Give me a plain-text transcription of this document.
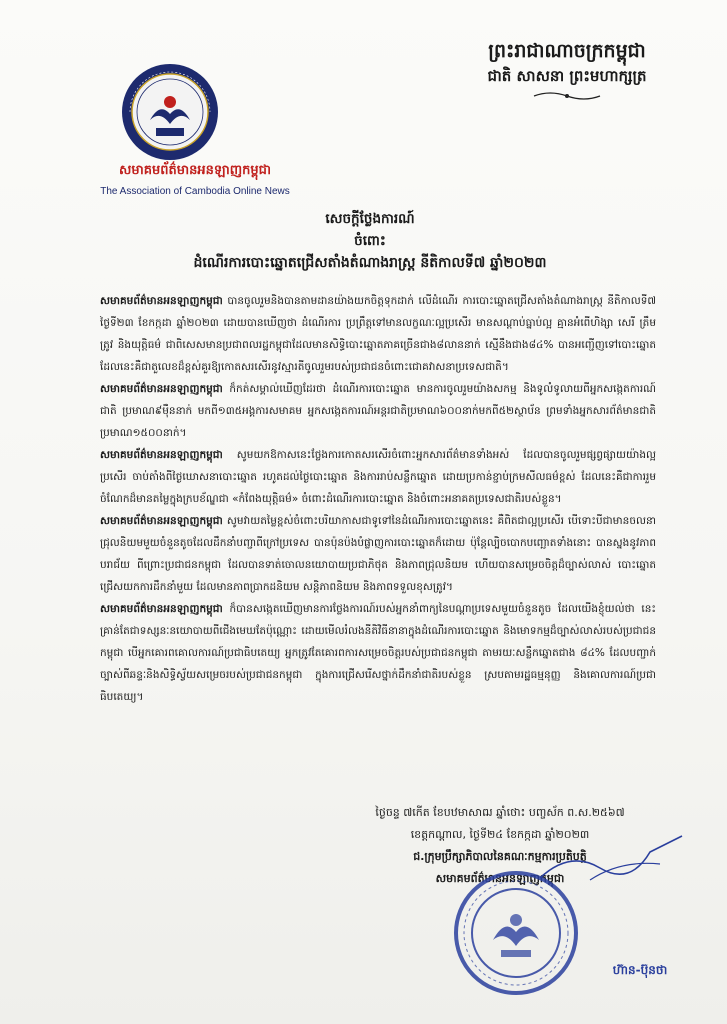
ព្រះរាជាណាចក្រកម្ពុជា
ជាតិ សាសនា ព្រះមហាក្សត្រ
សមាគមព័ត៌មានអនឡាញកម្ពុជា
The Association of Cambodia Online News
សេចក្ដីថ្លែងការណ៍
ចំពោះ
ដំណើរការបោះឆ្នោតជ្រើសតាំងតំណាងរាស្ត្រ នីតិកាលទី៧ ឆ្នាំ២០២៣

សមាគមព័ត៌មានអនឡាញកម្ពុជា បានចូលរួមនិងបានតាមដានយ៉ាងយកចិត្តទុកដាក់ លើដំណើរ ការបោះឆ្នោតជ្រើសតាំងតំណាងរាស្ត្រ នីតិកាលទី៧ ថ្ងៃទី២៣ ខែកក្កដា ឆ្នាំ២០២៣ ដោយបានឃើញថា ដំណើរការ ប្រព្រឹត្តទៅមានលក្ខណៈល្អប្រសើរ មានសណ្ដាប់ធ្នាប់ល្អ គ្មានអំពើហិង្សា សេរី ត្រឹមត្រូវ និងយុត្តិធម៌ ជាពិសេសមានប្រជាពលរដ្ឋកម្ពុជាដែលមានសិទ្ធិបោះឆ្នោតភាគច្រើនជាង៨លាននាក់ ស្មើនឹងជាង៨៤% បានអញ្ជើញទៅបោះឆ្នោត ដែលនេះគឺជាតួលេខដ៏ខ្ពស់គួរឱ្យកោតសរសើរនូវស្មារតីចូលរួមរបស់ប្រជាជនចំពោះជោគវាសនាប្រទេសជាតិ។

សមាគមព័ត៌មានអនឡាញកម្ពុជា ក៏កត់សម្គាល់ឃើញដែរថា ដំណើរការបោះឆ្នោត មានការចូលរួមយ៉ាងសកម្ម និងទូលំទូលាយពីអ្នកសង្កេតការណ៍ជាតិ ប្រមាណ៩ម៉ឺននាក់ មកពី១៣៥អង្គការសមាគម អ្នកសង្កេតការណ៍អន្តរជាតិប្រមាណ៦០០នាក់មកពី៥២ស្ថាប័ន ព្រមទាំងអ្នកសារព័ត៌មានជាតិប្រមាណ១៥០០នាក់។

សមាគមព័ត៌មានអនឡាញកម្ពុជា សូមយកឱកាសនេះថ្លែងការកោតសរសើរចំពោះអ្នកសារព័ត៌មានទាំងអស់ ដែលបានចូលរួមផ្សព្វផ្សាយយ៉ាងល្អប្រសើរ ចាប់តាំងពីថ្ងៃឃោសនាបោះឆ្នោត រហូតដល់ថ្ងៃបោះឆ្នោត និងការរាប់សន្លឹកឆ្នោត ដោយប្រកាន់ខ្ជាប់ក្រមសីលធម៌ខ្ពស់ ដែលនេះគឺជាការរួមចំណែកដ៏មានតម្លៃក្នុងក្របខ័ណ្ឌជា «កំពែងយុត្តិធម៌» ចំពោះដំណើរការបោះឆ្នោត និងចំពោះអនាគតប្រទេសជាតិរបស់ខ្លួន។

សមាគមព័ត៌មានអនឡាញកម្ពុជា សូមវាយតម្លៃខ្ពស់ចំពោះបរិយាកាសជាទូទៅនៃដំណើរការបោះឆ្នោតនេះ គឺពិតជាល្អប្រសើរ បើទោះបីជាមានចលនាជ្រុលនិយមមួយចំនួនតូចដែលដឹកនាំបញ្ជាពីក្រៅប្រទេស បានប៉ុនប៉ងបំផ្លាញការបោះឆ្នោតក៏ដោយ ប៉ុន្តែល្បិចបោកបញ្ឆោតទាំងនោះ បានស្នងនូវភាពបរាជ័យ ពីព្រោះប្រជាជនកម្ពុជា ដែលបានទាត់ចោលនយោបាយប្រជាភិថុត និងភាពជ្រុលនិយម ហើយបានសម្រេចចិត្តដ៏ច្បាស់លាស់ បោះឆ្នោតជ្រើសយកការដឹកនាំមួយ ដែលមានភាពប្រាកដនិយម សន្តិភាពនិយម និងភាពទទួលខុសត្រូវ។

សមាគមព័ត៌មានអនឡាញកម្ពុជា ក៏បានសង្កេតឃើញមានការថ្លែងការណ៍របស់អ្នកនាំពាក្យនៃបណ្ដាប្រទេសមួយចំនួនតូច ដែលយើងខ្ញុំយល់ថា នេះគ្រាន់តែជាទស្សនៈនយោបាយពីជើងមេឃតែប៉ុណ្ណោះ ដោយមើលរំលងនីតិវិធីនានាក្នុងដំណើរការបោះឆ្នោត និងមោទកម្មដ៏ច្បាស់លាស់របស់ប្រជាជនកម្ពុជា បើអ្នកគោរពគោលការណ៍ប្រជាធិបតេយ្យ អ្នកត្រូវតែគោរពការសម្រេចចិត្តរបស់ប្រជាជនកម្ពុជា តាមរយៈសន្លឹកឆ្នោតជាង ៨៤% ដែលបញ្ជាក់ច្បាស់ពីឆន្ទៈនិងសិទ្ធិស្វ័យសម្រេចរបស់ប្រជាជនកម្ពុជា ក្នុងការជ្រើសរើសថ្នាក់ដឹកនាំជាតិរបស់ខ្លួន ស្របតាមរដ្ឋធម្មនុញ្ញ និងគោលការណ៍ប្រជាធិបតេយ្យ។

ថ្ងៃចន្ទ ៧កើត ខែបឋមាសាឍ ឆ្នាំថោះ បញ្ចស័ក ព.ស.២៥៦៧
ខេត្តកណ្ដាល, ថ្ងៃទី២៤ ខែកក្កដា ឆ្នាំ២០២៣
ជ.ក្រុមប្រឹក្សាភិបាលនៃគណៈកម្មការប្រតិបត្តិ
សមាគមព័ត៌មានអនឡាញកម្ពុជា
ហ៊ាន-ប៊ុនថា
